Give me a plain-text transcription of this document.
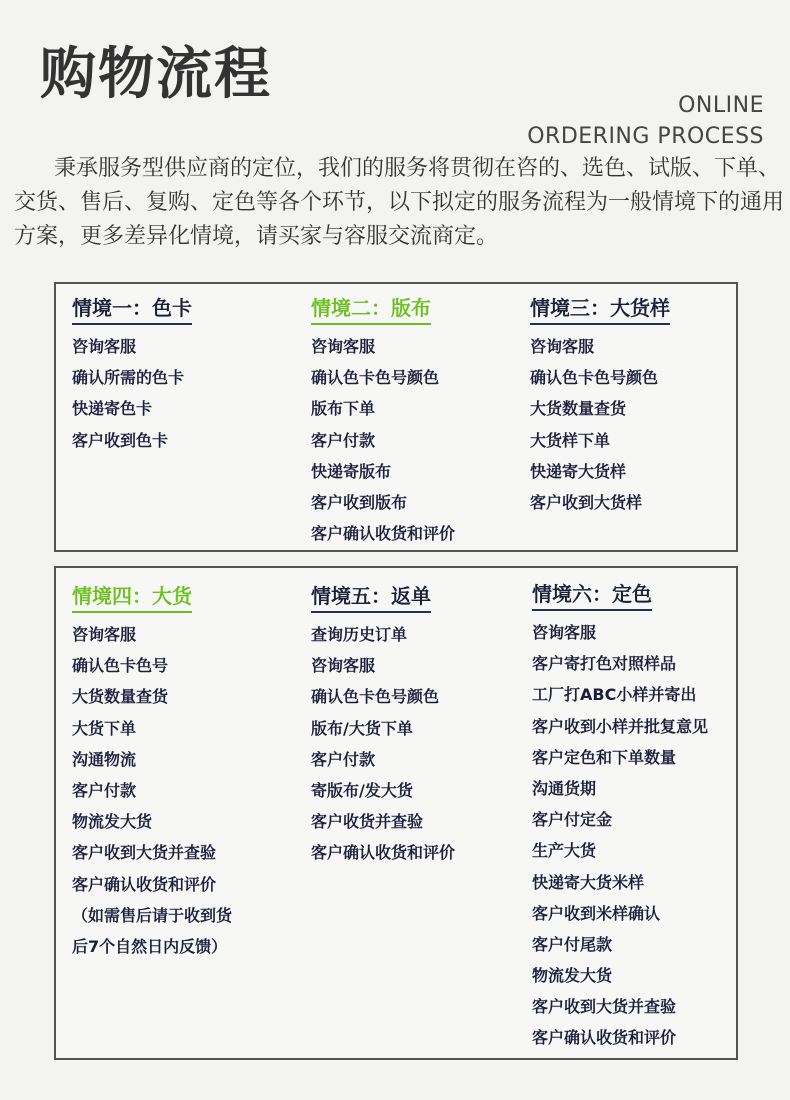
购物流程	ONLINE
ORDERING PROCESS

秉承服务型供应商的定位，我们的服务将贯彻在咨的、选色、试版、下单、交货、售后、复购、定色等各个环节，以下拟定的服务流程为一般情境下的通用方案，更多差异化情境，请买家与容服交流商定。

情境一：色卡
咨询客服
确认所需的色卡
快递寄色卡
客户收到色卡
情境二：版布
咨询客服
确认色卡色号颜色
版布下单
客户付款
快递寄版布
客户收到版布
客户确认收货和评价
情境三：大货样
咨询客服
确认色卡色号颜色
大货数量查货
大货样下单
快递寄大货样
客户收到大货样
情境四：大货
咨询客服
确认色卡色号
大货数量查货
大货下单
沟通物流
客户付款
物流发大货
客户收到大货并查验
客户确认收货和评价
（如需售后请于收到货
后7个自然日内反馈）
情境五：返单
查询历史订单
咨询客服
确认色卡色号颜色
版布/大货下单
客户付款
寄版布/发大货
客户收货并查验
客户确认收货和评价
情境六：定色
咨询客服
客户寄打色对照样品
工厂打ABC小样并寄出
客户收到小样并批复意见
客户定色和下单数量
沟通货期
客户付定金
生产大货
快递寄大货米样
客户收到米样确认
客户付尾款
物流发大货
客户收到大货并查验
客户确认收货和评价
